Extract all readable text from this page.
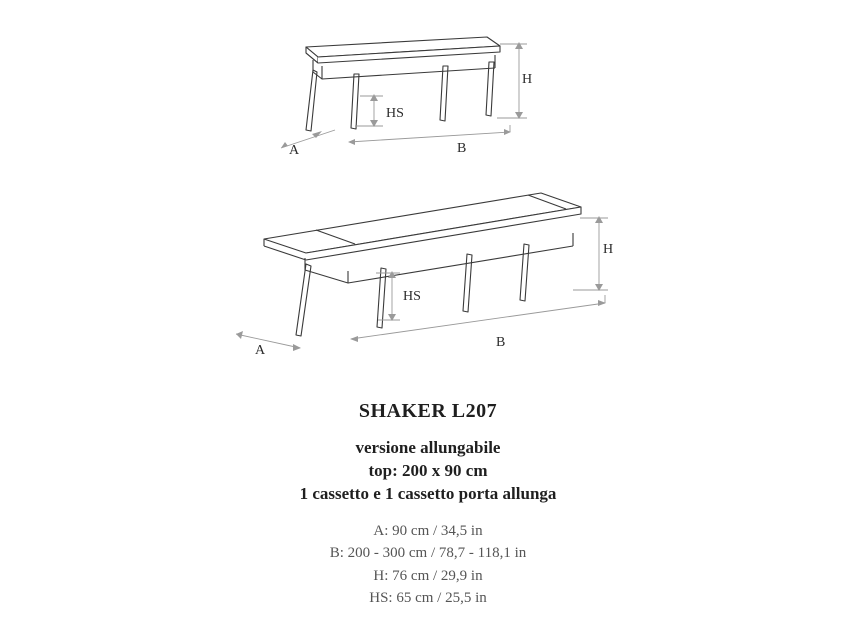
H
HS
A	B
H
HS
A
B
SHAKER L207
versione allungabile
top: 200 x 90 cm
1 cassetto e 1 cassetto porta allunga
A: 90 cm / 34,5 in
B: 200 - 300 cm / 78,7 - 118,1 in
H: 76 cm / 29,9 in
HS: 65 cm / 25,5 in
